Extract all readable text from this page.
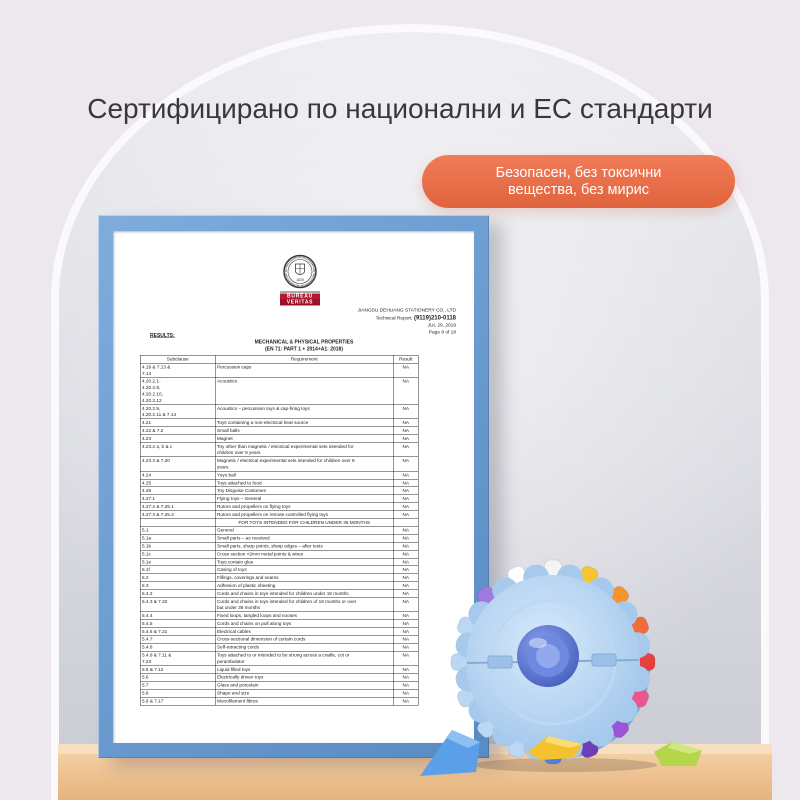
Сертифицирано по национални и ЕС стандарти
Безопасен, без токсични вещества, без мирис
1828
BUREAU
VERITAS
JIANGSU DEHUANG STATIONERY CO., LTD
Technical Report: (9119)210-0118
JUL 29, 2019
Page 8 of 18
RESULTS:
MECHANICAL & PHYSICAL PROPERTIES
(EN 71: PART 1 + 2014+A1: 2018)
Subclause	Requirement	Result
4.19 & 7.13 &
7.14	Percussion caps	NA
4.20.2.1-
4.20.2.8,
4.20.2.10,
4.20.2.12	Acoustics	NA
4.20.2.9,
4.20.2.11 & 7.14	Acoustics – percussion toys & cap-firing toys	NA
4.21	Toys containing a non-electrical heat source	NA
4.22 & 7.2	Small balls	NA
4.23	Magnet	NA
4.23.2 a, b & c	Toy other than magnetic / electrical experimental sets intended for
children over 8 years	NA
4.23.3 & 7.20	Magnetic / electrical experimental sets intended for children over 8
years	NA
4.24	Yoyo ball	NA
4.25	Toys attached to food	NA
4.26	Toy Disguise Costumes	NA
4.27.1	Flying toys – General	NA
4.27.2 & 7.25.1	Rotors and propellers on flying toys	NA
4.27.3 & 7.25.2	Rotors and propellers on remote controlled flying toys	NA
	FOR TOYS INTENDED FOR CHILDREN UNDER 36 MONTHS	
5.1	General	NA
5.1a	Small parts – as received	NA
5.1b	Small parts, sharp points, sharp edges – after tests	NA
5.1c	Cross section <2mm metal points & wires	NA
5.1e	Toys contain glue	NA
5.1f	Casing of toys	NA
5.2	Fillings, coverings and seams	NA
5.3	Adhesion of plastic sheeting	NA
5.4.2	Cords and chains in toys intended for children under 18 months	NA
5.4.3 & 7.22	Cords and chains in toys intended for children of 18 months or over
but under 36 months	NA
5.4.4	Fixed loops, tangled loops and nooses	NA
5.4.5	Cords and chains on pull along toys	NA
5.4.6 & 7.21	Electrical cables	NA
5.4.7	Cross-sectional dimension of certain cords	NA
5.4.8	Self-retracting cords	NA
5.4.9 & 7.11 &
7.23	Toys attached to or intended to be strung across a cradle, cot or
perambulator	NA
5.5 & 7.12	Liquid filled toys	NA
5.6	Electrically driven toys	NA
5.7	Glass and porcelain	NA
5.8	Shape and size	NA
5.9 & 7.17	Monofilament fibres	NA
